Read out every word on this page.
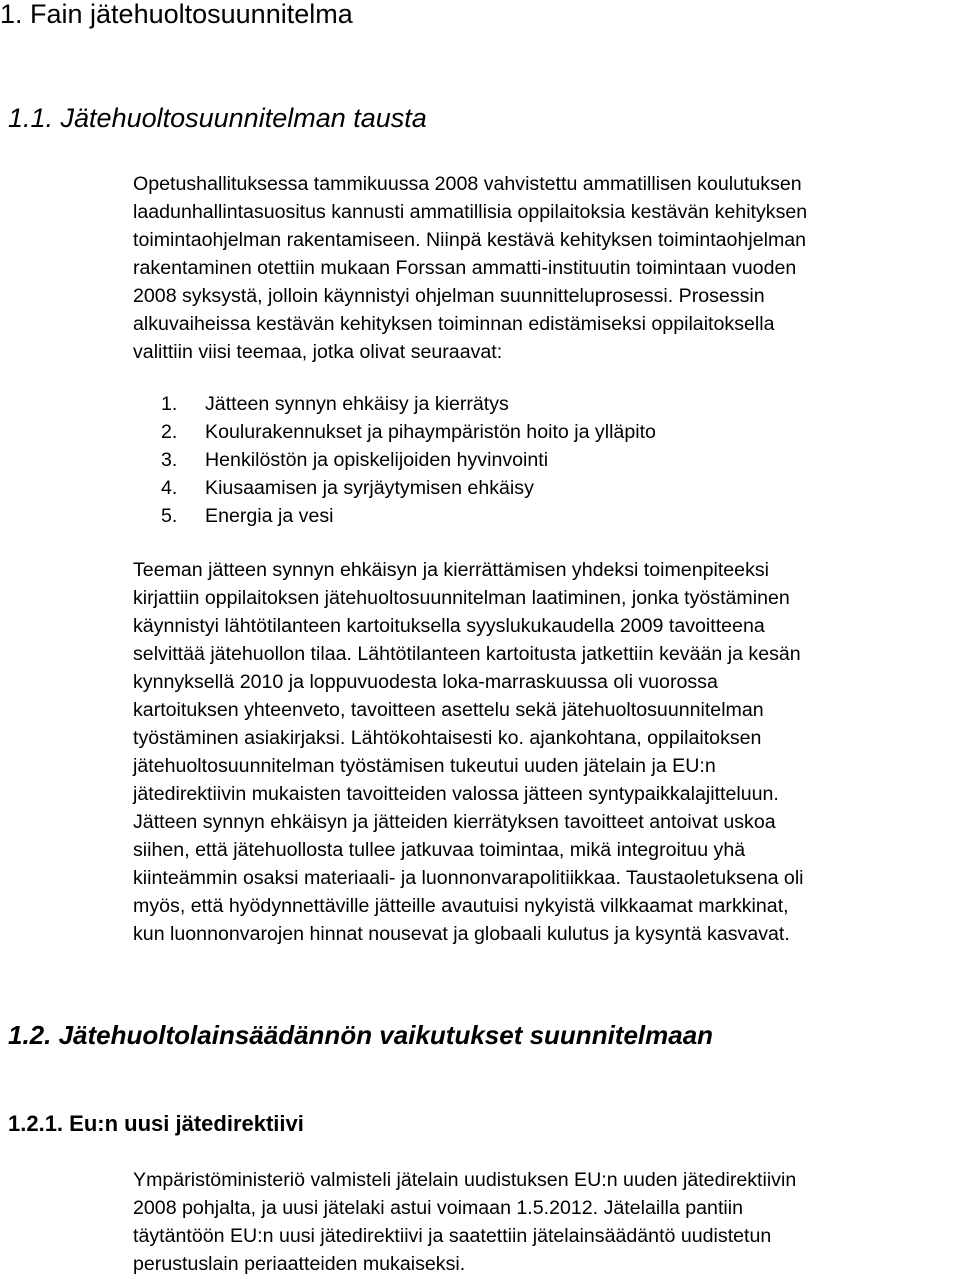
1. Fain jätehuoltosuunnitelma
1.1. Jätehuoltosuunnitelman tausta

Opetushallituksessa tammikuussa 2008 vahvistettu ammatillisen koulutuksen
laadunhallintasuositus kannusti ammatillisia oppilaitoksia kestävän kehityksen
toimintaohjelman rakentamiseen. Niinpä kestävä kehityksen toimintaohjelman
rakentaminen otettiin mukaan Forssan ammatti-instituutin toimintaan vuoden
2008 syksystä, jolloin käynnistyi ohjelman suunnitteluprosessi. Prosessin
alkuvaiheissa kestävän kehityksen toiminnan edistämiseksi oppilaitoksella
valittiin viisi teemaa, jotka olivat seuraavat:

1. Jätteen synnyn ehkäisy ja kierrätys
2. Koulurakennukset ja pihaympäristön hoito ja ylläpito
3. Henkilöstön ja opiskelijoiden hyvinvointi
4. Kiusaamisen ja syrjäytymisen ehkäisy
5. Energia ja vesi

Teeman jätteen synnyn ehkäisyn ja kierrättämisen yhdeksi toimenpiteeksi
kirjattiin oppilaitoksen jätehuoltosuunnitelman laatiminen, jonka työstäminen
käynnistyi lähtötilanteen kartoituksella syyslukukaudella 2009 tavoitteena
selvittää jätehuollon tilaa. Lähtötilanteen kartoitusta jatkettiin kevään ja kesän
kynnyksellä 2010 ja loppuvuodesta loka-marraskuussa oli vuorossa
kartoituksen yhteenveto, tavoitteen asettelu sekä jätehuoltosuunnitelman
työstäminen asiakirjaksi. Lähtökohtaisesti ko. ajankohtana, oppilaitoksen
jätehuoltosuunnitelman työstämisen tukeutui uuden jätelain ja EU:n
jätedirektiivin mukaisten tavoitteiden valossa jätteen syntypaikkalajitteluun.
Jätteen synnyn ehkäisyn ja jätteiden kierrätyksen tavoitteet antoivat uskoa
siihen, että jätehuollosta tullee jatkuvaa toimintaa, mikä integroituu yhä
kiinteämmin osaksi materiaali- ja luonnonvarapolitiikkaa. Taustaoletuksena oli
myös, että hyödynnettäville jätteille avautuisi nykyistä vilkkaamat markkinat,
kun luonnonvarojen hinnat nousevat ja globaali kulutus ja kysyntä kasvavat.

1.2. Jätehuoltolainsäädännön vaikutukset suunnitelmaan
1.2.1. Eu:n uusi jätedirektiivi

Ympäristöministeriö valmisteli jätelain uudistuksen EU:n uuden jätedirektiivin
2008 pohjalta, ja uusi jätelaki astui voimaan 1.5.2012. Jätelailla pantiin
täytäntöön EU:n uusi jätedirektiivi ja saatettiin jätelainsäädäntö uudistetun
perustuslain periaatteiden mukaiseksi.
